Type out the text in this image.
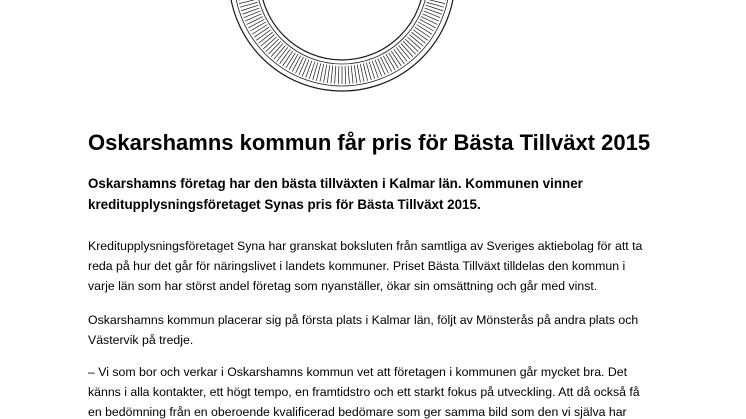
Oskarshamns kommun får pris för Bästa Tillväxt 2015

Oskarshamns företag har den bästa tillväxten i Kalmar län. Kommunen vinner
kreditupplysningsföretaget Synas pris för Bästa Tillväxt 2015.

Kreditupplysningsföretaget Syna har granskat boksluten från samtliga av Sveriges aktiebolag för att ta
reda på hur det går för näringslivet i landets kommuner. Priset Bästa Tillväxt tilldelas den kommun i
varje län som har störst andel företag som nyanställer, ökar sin omsättning och går med vinst.

Oskarshamns kommun placerar sig på första plats i Kalmar län, följt av Mönsterås på andra plats och
Västervik på tredje.

– Vi som bor och verkar i Oskarshamns kommun vet att företagen i kommunen går mycket bra. Det
känns i alla kontakter, ett högt tempo, en framtidstro och ett starkt fokus på utveckling. Att då också få
en bedömning från en oberoende kvalificerad bedömare som ger samma bild som den vi själva har
